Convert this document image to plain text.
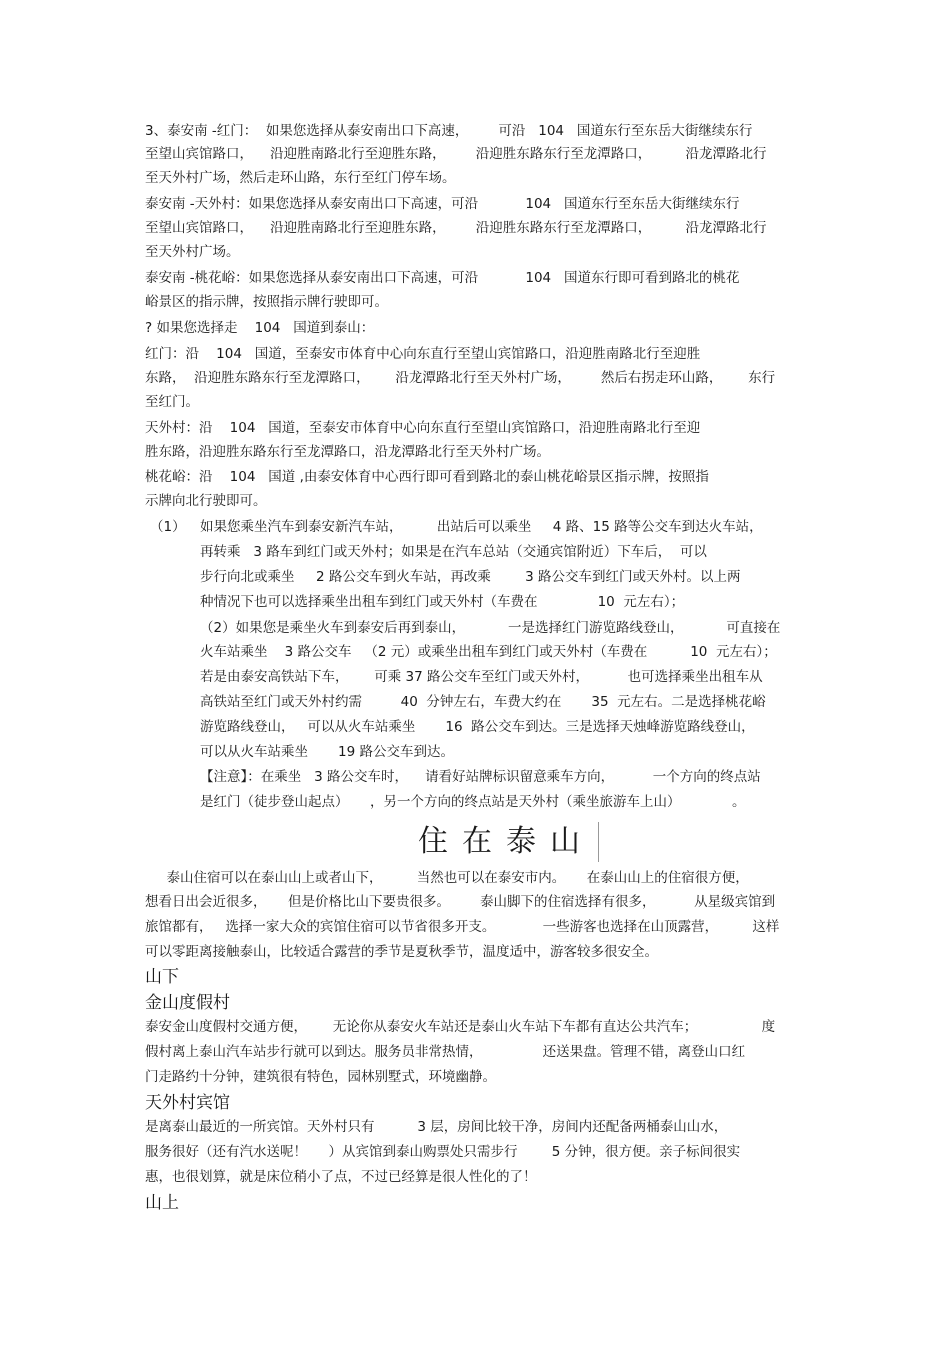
3、泰安南 -红门：  如果您选择从泰安南出口下高速，       可沿   104   国道东行至东岳大街继续东行
至望山宾馆路口，    沿迎胜南路北行至迎胜东路，       沿迎胜东路东行至龙潭路口，        沿龙潭路北行
至天外村广场，然后走环山路，东行至红门停车场。
泰安南 -天外村：如果您选择从泰安南出口下高速，可沿           104   国道东行至东岳大街继续东行
至望山宾馆路口，    沿迎胜南路北行至迎胜东路，       沿迎胜东路东行至龙潭路口，        沿龙潭路北行
至天外村广场。
泰安南 -桃花峪：如果您选择从泰安南出口下高速，可沿           104   国道东行即可看到路北的桃花
峪景区的指示牌，按照指示牌行驶即可。
? 如果您选择走    104   国道到泰山：
红门：沿    104   国道，至泰安市体育中心向东直行至望山宾馆路口，沿迎胜南路北行至迎胜
东路，  沿迎胜东路东行至龙潭路口，      沿龙潭路北行至天外村广场，       然后右拐走环山路，      东行
至红门。
天外村：沿    104   国道，至泰安市体育中心向东直行至望山宾馆路口，沿迎胜南路北行至迎
胜东路，沿迎胜东路东行至龙潭路口，沿龙潭路北行至天外村广场。
桃花峪：沿    104   国道 ,由泰安体育中心西行即可看到路北的泰山桃花峪景区指示牌，按照指
示牌向北行驶即可。
（1） 如果您乘坐汽车到泰安新汽车站，        出站后可以乘坐     4 路、15 路等公交车到达火车站，
再转乘   3 路车到红门或天外村；如果是在汽车总站（交通宾馆附近）下车后，  可以
步行向北或乘坐     2 路公交车到火车站，再改乘        3 路公交车到红门或天外村。以上两
种情况下也可以选择乘坐出租车到红门或天外村（车费在              10  元左右）；
（2）如果您是乘坐火车到泰安后再到泰山，          一是选择红门游览路线登山，          可直接在
火车站乘坐    3 路公交车   （2 元）或乘坐出租车到红门或天外村（车费在          10  元左右）；
若是由泰安高铁站下车，      可乘 37 路公交车至红门或天外村，         也可选择乘坐出租车从
高铁站至红门或天外村约需         40  分钟左右，车费大约在       35  元左右。二是选择桃花峪
游览路线登山，   可以从火车站乘坐       16  路公交车到达。三是选择天烛峰游览路线登山，
可以从火车站乘坐       19 路公交车到达。
【注意】：在乘坐   3 路公交车时，    请看好站牌标识留意乘车方向，         一个方向的终点站
是红门（徒步登山起点）     ，另一个方向的终点站是天外村（乘坐旅游车上山）            。
住在泰山
泰山住宿可以在泰山山上或者山下，        当然也可以在泰安市内。     在泰山山上的住宿很方便，
想看日出会近很多，     但是价格比山下要贵很多。       泰山脚下的住宿选择有很多，         从星级宾馆到
旅馆都有，   选择一家大众的宾馆住宿可以节省很多开支。           一些游客也选择在山顶露营，        这样
可以零距离接触泰山，比较适合露营的季节是夏秋季节，温度适中，游客较多很安全。
山下
金山度假村
泰安金山度假村交通方便，      无论你从泰安火车站还是泰山火车站下车都有直达公共汽车；               度
假村离上泰山汽车站步行就可以到达。服务员非常热情，              还送果盘。管理不错，离登山口红
门走路约十分钟，建筑很有特色，园林别墅式，环境幽静。
天外村宾馆
是离泰山最近的一所宾馆。天外村只有          3 层，房间比较干净，房间内还配备两桶泰山山水，
服务很好（还有汽水送呢！     ）从宾馆到泰山购票处只需步行        5 分钟，很方便。亲子标间很实
惠，也很划算，就是床位稍小了点，不过已经算是很人性化的了！
山上
